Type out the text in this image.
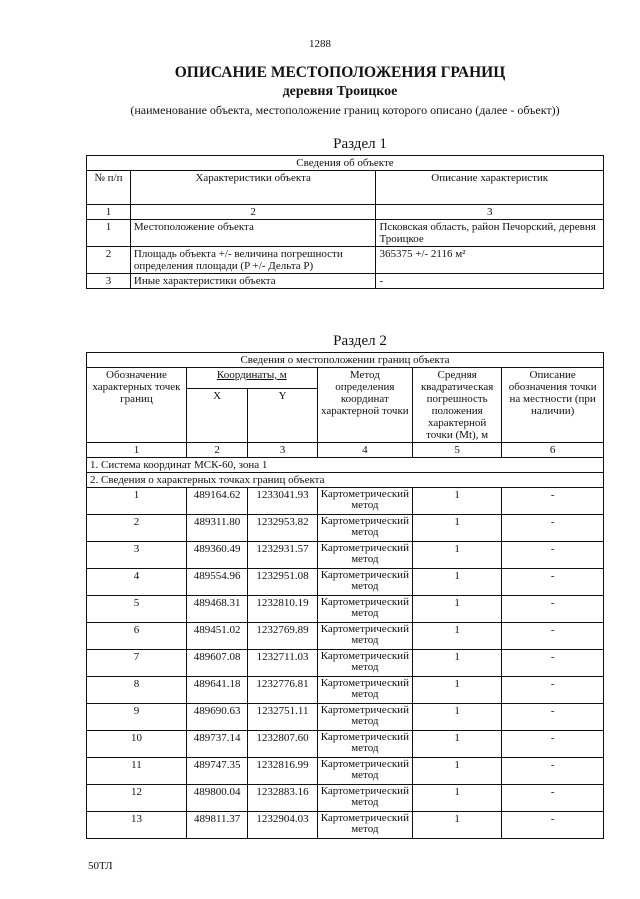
1288
ОПИСАНИЕ МЕСТОПОЛОЖЕНИЯ ГРАНИЦ
деревня Троицкое
(наименование объекта, местоположение границ которого описано (далее - объект))
Раздел 1
Сведения об объекте		
№ п/п	Характеристики объекта	Описание характеристик
1	2	3
1	Местоположение объекта	Псковская область, район Печорский, деревня Троицкое
2	Площадь объекта +/- величина погрешности определения площади (P +/- Дельта P)	365375 +/- 2116 м²
3	Иные характеристики объекта	-
Раздел 2
Сведения о местоположении границ объекта					
Обозначение характерных точек границ	Координаты, м		Метод определения координат характерной точки	Средняя квадратическая погрешность положения характерной точки (Mt), м	Описание обозначения точки на местности (при наличии)
	X	Y			
1	2	3	4	5	6
1. Система координат МСК-60, зона 1					
2. Сведения о характерных точках границ объекта					
1	489164.62	1233041.93	Картометрический метод	1	-
2	489311.80	1232953.82	Картометрический метод	1	-
3	489360.49	1232931.57	Картометрический метод	1	-
4	489554.96	1232951.08	Картометрический метод	1	-
5	489468.31	1232810.19	Картометрический метод	1	-
6	489451.02	1232769.89	Картометрический метод	1	-
7	489607.08	1232711.03	Картометрический метод	1	-
8	489641.18	1232776.81	Картометрический метод	1	-
9	489690.63	1232751.11	Картометрический метод	1	-
10	489737.14	1232807.60	Картометрический метод	1	-
11	489747.35	1232816.99	Картометрический метод	1	-
12	489800.04	1232883.16	Картометрический метод	1	-
13	489811.37	1232904.03	Картометрический метод	1	-
50ТЛ
